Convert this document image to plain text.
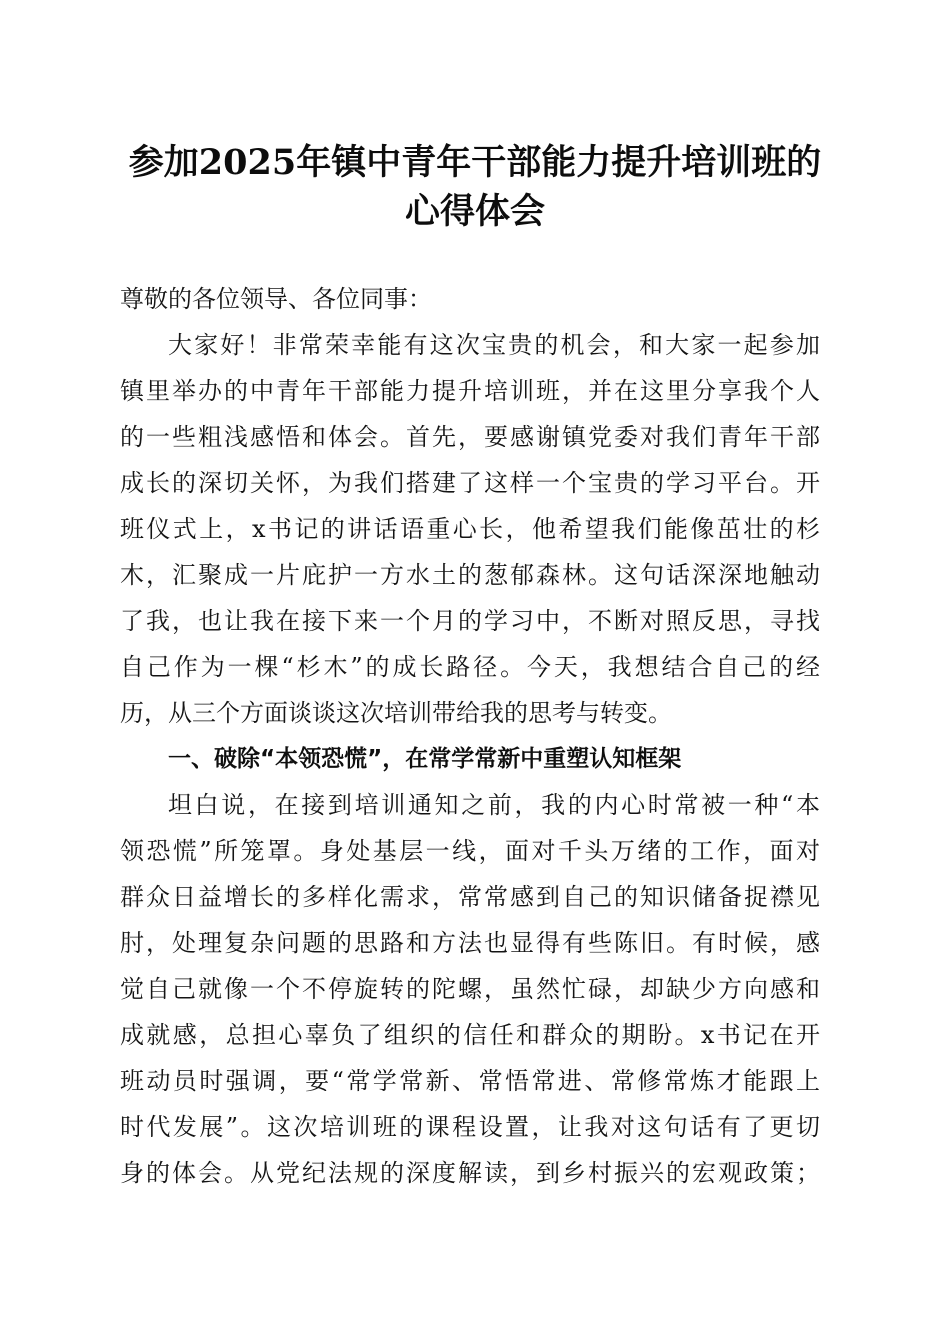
参加2025年镇中青年干部能力提升培训班的
心得体会
尊敬的各位领导、各位同事：
大家好！非常荣幸能有这次宝贵的机会，和大家一起参加
镇里举办的中青年干部能力提升培训班，并在这里分享我个人
的一些粗浅感悟和体会。首先，要感谢镇党委对我们青年干部
成长的深切关怀，为我们搭建了这样一个宝贵的学习平台。开
班仪式上，x书记的讲话语重心长，他希望我们能像茁壮的杉
木，汇聚成一片庇护一方水土的葱郁森林。这句话深深地触动
了我，也让我在接下来一个月的学习中，不断对照反思，寻找
自己作为一棵“杉木”的成长路径。今天，我想结合自己的经
历，从三个方面谈谈这次培训带给我的思考与转变。
一、破除“本领恐慌”，在常学常新中重塑认知框架
坦白说，在接到培训通知之前，我的内心时常被一种“本
领恐慌”所笼罩。身处基层一线，面对千头万绪的工作，面对
群众日益增长的多样化需求，常常感到自己的知识储备捉襟见
肘，处理复杂问题的思路和方法也显得有些陈旧。有时候，感
觉自己就像一个不停旋转的陀螺，虽然忙碌，却缺少方向感和
成就感，总担心辜负了组织的信任和群众的期盼。x书记在开
班动员时强调，要“常学常新、常悟常进、常修常炼才能跟上
时代发展”。这次培训班的课程设置，让我对这句话有了更切
身的体会。从党纪法规的深度解读，到乡村振兴的宏观政策；
